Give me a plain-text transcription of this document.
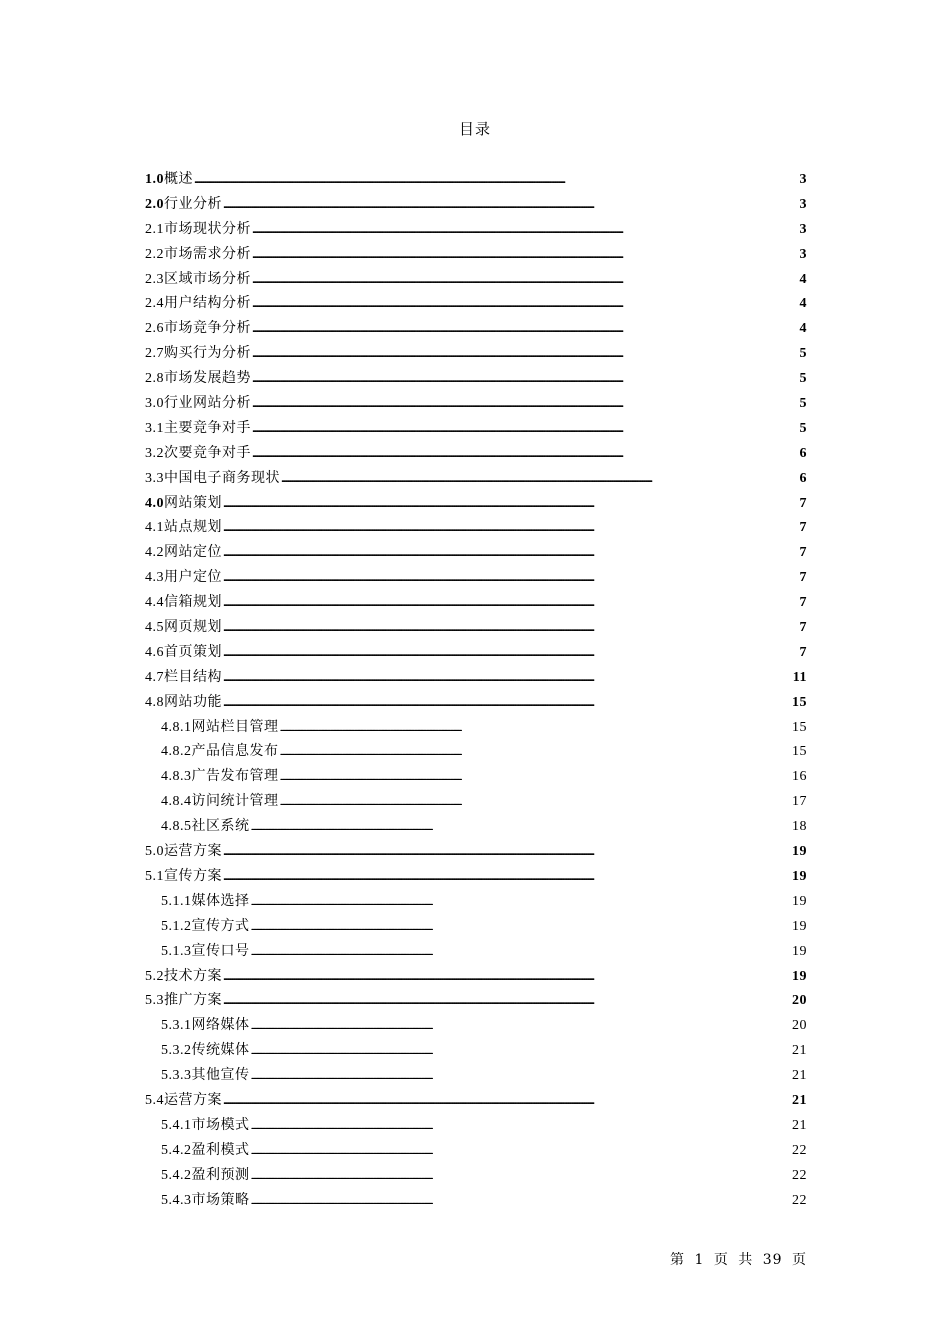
目录
1.0 概述 . . .	3
2.0 行业分析 . . .	3
2.1 市场现状分析 . . .	3
2.2 市场需求分析 . . .	3
2.3 区域市场分析 . . .	4
2.4 用户结构分析 . . .	4
2.6 市场竞争分析 . . .	4
2.7 购买行为分析 . . .	5
2.8 市场发展趋势 . . .	5
3.0 行业网站分析 . . .	5
3.1 主要竞争对手 . . .	5
3.2 次要竞争对手 . . .	6
3.3 中国电子商务现状 . . .	6
4.0 网站策划 . . .	7
4.1 站点规划 . . .	7
4.2 网站定位 . . .	7
4.3 用户定位 . . .	7
4.4 信箱规划 . . .	7
4.5 网页规划 . . .	7
4.6 首页策划 . . .	7
4.7 栏目结构 . . .	11
4.8 网站功能 . . .	15
4.8.1 网站栏目管理 . . .	15
4.8.2 产品信息发布 . . .	15
4.8.3 广告发布管理 . . .	16
4.8.4 访问统计管理 . . .	17
4.8.5 社区系统 . . .	18
5.0 运营方案 . . .	19
5.1 宣传方案 . . .	19
5.1.1 媒体选择 . . .	19
5.1.2 宣传方式 . . .	19
5.1.3 宣传口号 . . .	19
5.2 技术方案 . . .	19
5.3 推广方案 . . .	20
5.3.1 网络媒体 . . .	20
5.3.2 传统媒体 . . .	21
5.3.3 其他宣传 . . .	21
5.4 运营方案 . . .	21
5.4.1 市场模式 . . .	21
5.4.2 盈利模式 . . .	22
5.4.2 盈利预测 . . .	22
5.4.3 市场策略 . . .	22
第 1 页 共 39 页
